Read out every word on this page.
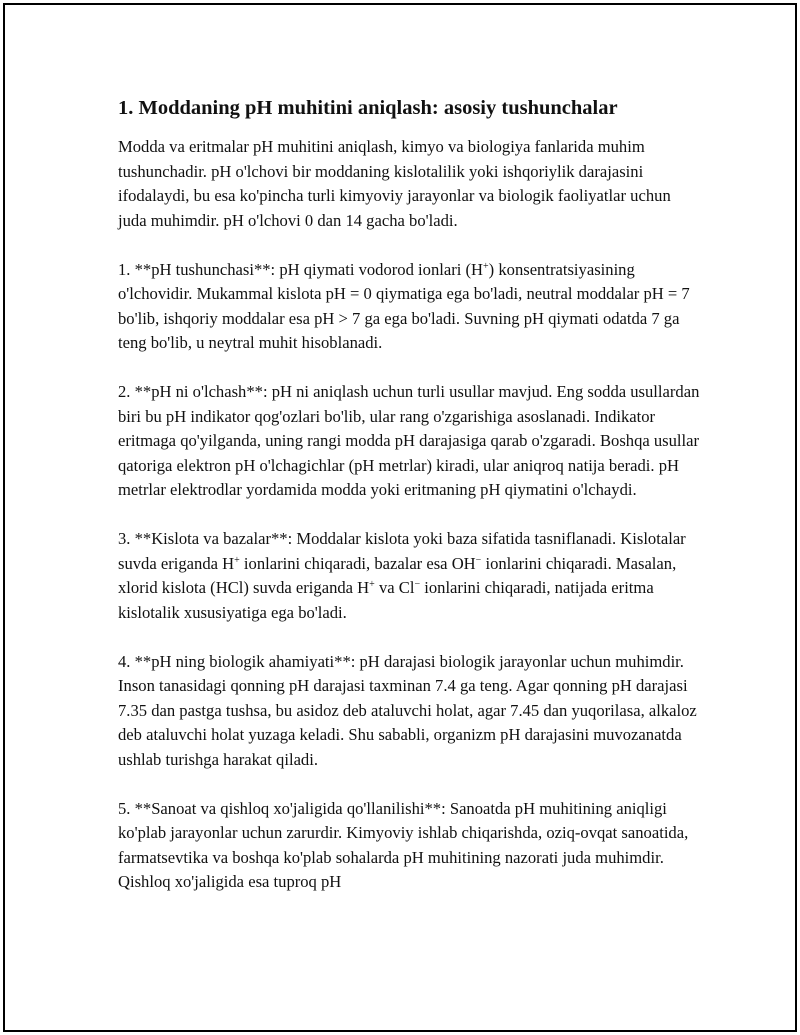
1. Moddaning pH muhitini aniqlash: asosiy tushunchalar

Modda va eritmalar pH muhitini aniqlash, kimyo va biologiya fanlarida muhim tushunchadir. pH o'lchovi bir moddaning kislotalilik yoki ishqoriylik darajasini ifodalaydi, bu esa ko'pincha turli kimyoviy jarayonlar va biologik faoliyatlar uchun juda muhimdir. pH o'lchovi 0 dan 14 gacha bo'ladi.

1. **pH tushunchasi**: pH qiymati vodorod ionlari (H+) konsentratsiyasining o'lchovidir. Mukammal kislota pH = 0 qiymatiga ega bo'ladi, neutral moddalar pH = 7 bo'lib, ishqoriy moddalar esa pH > 7 ga ega bo'ladi. Suvning pH qiymati odatda 7 ga teng bo'lib, u neytral muhit hisoblanadi.

2. **pH ni o'lchash**: pH ni aniqlash uchun turli usullar mavjud. Eng sodda usullardan biri bu pH indikator qog'ozlari bo'lib, ular rang o'zgarishiga asoslanadi. Indikator eritmaga qo'yilganda, uning rangi modda pH darajasiga qarab o'zgaradi. Boshqa usullar qatoriga elektron pH o'lchagichlar (pH metrlar) kiradi, ular aniqroq natija beradi. pH metrlar elektrodlar yordamida modda yoki eritmaning pH qiymatini o'lchaydi.

3. **Kislota va bazalar**: Moddalar kislota yoki baza sifatida tasniflanadi. Kislotalar suvda eriganda H+ ionlarini chiqaradi, bazalar esa OH− ionlarini chiqaradi. Masalan, xlorid kislota (HCl) suvda eriganda H+ va Cl− ionlarini chiqaradi, natijada eritma kislotalik xususiyatiga ega bo'ladi.

4. **pH ning biologik ahamiyati**: pH darajasi biologik jarayonlar uchun muhimdir. Inson tanasidagi qonning pH darajasi taxminan 7.4 ga teng. Agar qonning pH darajasi 7.35 dan pastga tushsa, bu asidoz deb ataluvchi holat, agar 7.45 dan yuqorilasa, alkaloz deb ataluvchi holat yuzaga keladi. Shu sababli, organizm pH darajasini muvozanatda ushlab turishga harakat qiladi.

5. **Sanoat va qishloq xo'jaligida qo'llanilishi**: Sanoatda pH muhitining aniqligi ko'plab jarayonlar uchun zarurdir. Kimyoviy ishlab chiqarishda, oziq-ovqat sanoatida, farmatsevtika va boshqa ko'plab sohalarda pH muhitining nazorati juda muhimdir. Qishloq xo'jaligida esa tuproq pH
